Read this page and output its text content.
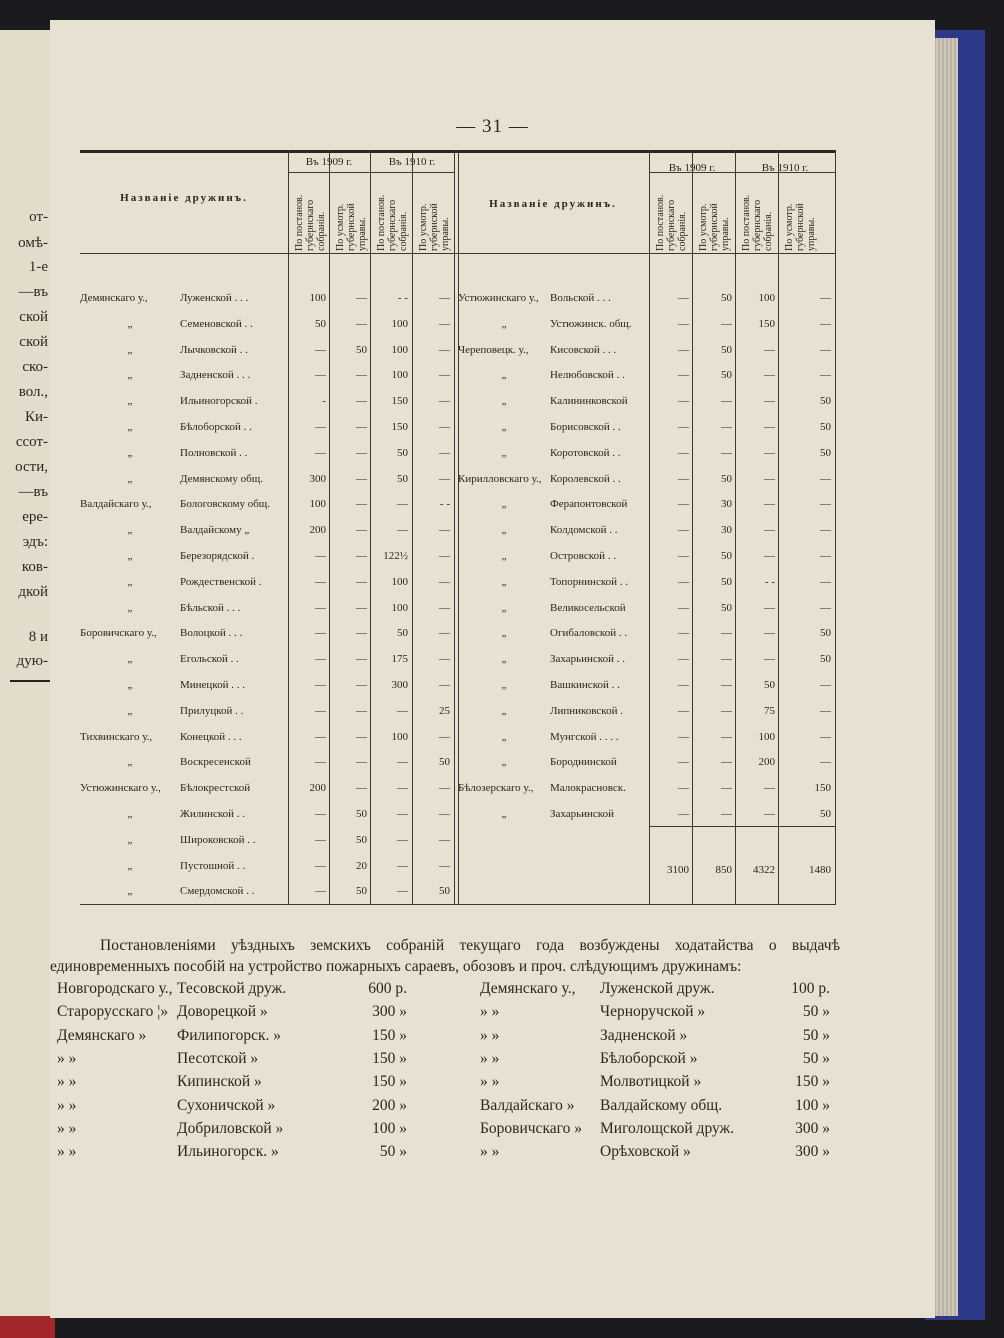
от-
омѣ-
1-е
—въ
ской
ской
ско-
вол.,
Ки-
ссот-
ости,
—въ
ере-
эдъ:
ков-
дкой
8 и
дую-
— 31 —
Названіе дружинъ.	Названіе дружинъ.
Въ 1909 г.	Въ 1910 г.	Въ 1909 г.	Въ 1910 г.
По постанов. губернскаго собранія. По усмотр. губернской управы. По постанов. губернскаго собранія. По усмотр. губернской управы.	По постанов. губернскаго собранія. По усмотр. губернской управы. По постанов. губернскаго собранія. По усмотр. губернской управы.
Демянскаго у.,	Луженской . . .	100	—	- -	—
„	Семеновской . .	50	—	100	—
„	Лычковской . .	—	50	100	—
„	Задненской . . .	—	—	100	—
„	Ильиногорской .	-	—	150	—
„	Бѣлоборской . .	—	—	150	—
„	Полновской . .	—	—	50	—
„	Демянскому общ.	300	—	50	—
Валдайскаго у.,	Бологовскому общ.	100	—	—	- -
„	Валдайскому „	200	—	—	—
„	Березорядской .	—	—	122½	—
„	Рождественской .	—	—	100	—
„	Бѣльской . . .	—	—	100	—
Боровичскаго у.,	Волоцкой . . .	—	—	50	—
„	Егольской . .	—	—	175	—
„	Минецкой . . .	—	—	300	—
„	Прилуцкой . .	—	—	—	25
Тихвинскаго у.,	Конецкой . . .	—	—	100	—
„	Воскресенской	—	—	—	50
Устюжинскаго у.,	Бѣлокрестской	200	—	—	—
„	Жилинской . .	—	50	—	—
„	Широковской . .	—	50	—	—
„	Пустошной . .	—	20	—	—
„	Смердомской . .	—	50	—	50
Устюжинскаго у.,	Вольской . . .	—	50	100	—
„	Устюжинск. общ.	—	—	150	—
Череповецк. у.,	Кисовской . . .	—	50	—	—
„	Нелюбовской . .	—	50	—	—
„	Калининковской	—	—	—	50
„	Борисовской . .	—	—	—	50
„	Коротовской . .	—	—	—	50
Кирилловскаго у., Королевской . .	—	50	—	—
„	Ферапонтовской	—	30	—	—
„	Колдомской . .	—	30	—	—
„	Островской . .	—	50	—	—
„	Топорнинской . .	—	50	- -	—
„	Великосельской	—	50	—	—
„	Огибаловской . .	—	—	—	50
„	Захарьинской . .	—	—	—	50
„	Вашкинской . .	—	—	50	—
„	Липниковской .	—	—	75	—
„	Мунгской . . . .	—	—	100	—
„	Бороднинской	—	—	200	—
Бѣлозерскаго у.,	Малокрасновск.	—	—	—	150
„	Захарьинской	—	—	—	50
3100	850	4322	1480
Постановленіями уѣздныхъ земскихъ собраній текущаго года возбуждены ходатайства о выдачѣ единовременныхъ пособій на устройство пожарныхъ сараевъ, обозовъ и проч. слѣдующимъ дружинамъ:
Новгородскаго у., Тесовской друж.	600 р.
Старорусскаго ¦» Доворецкой »	300 »
Демянскаго » Филипогорск. »	150 »
» »	Песотской »	150 »
» »	Кипинской »	150 »
» »	Сухоничской »	200 »
» »	Добриловской »	100 »
» »	Ильиногорск. »	50 »
Демянскаго у., Луженской друж.	100 р.
» »	Черноручской »	50 »
» »	Задненской »	50 »
» »	Бѣлоборской »	50 »
» »	Молвотицкой »	150 »
Валдайскаго » Валдайскому общ.	100 »
Боровичскаго » Миголощской друж.	300 »
» »	Орѣховской »	300 »
